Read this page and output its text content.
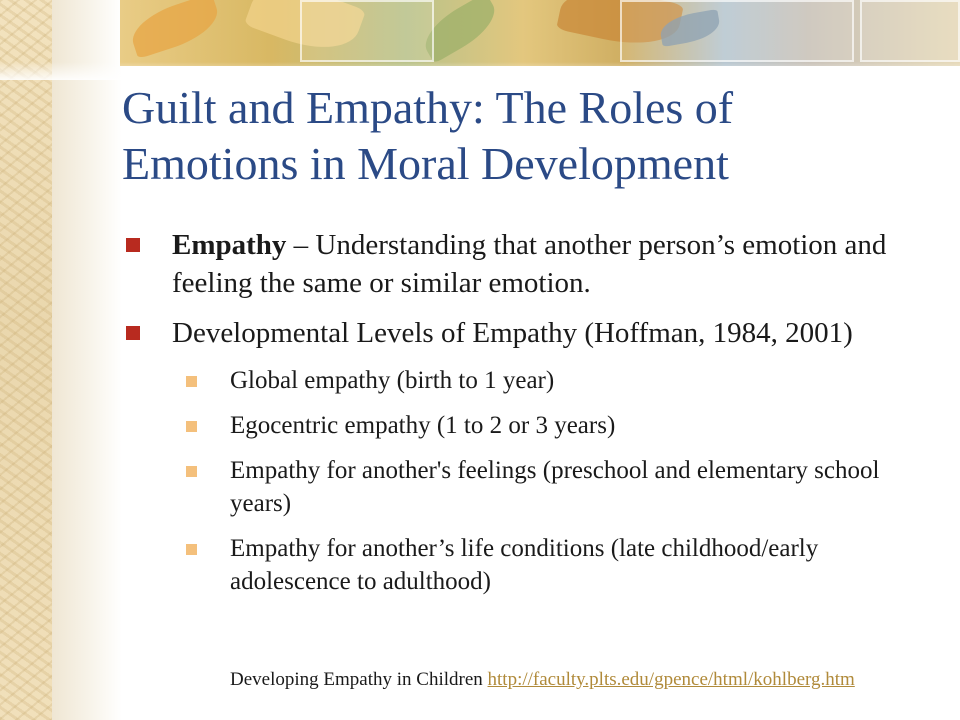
Guilt and Empathy: The Roles of
Emotions in Moral Development
Empathy – Understanding that another person’s emotion and feeling the same or similar emotion.
Developmental Levels of Empathy (Hoffman, 1984, 2001)
Global empathy (birth to 1 year)
Egocentric empathy (1 to 2 or 3 years)
Empathy for another's feelings (preschool and elementary school years)
Empathy for another’s life conditions (late childhood/early adolescence to adulthood)
Developing Empathy in Children http://faculty.plts.edu/gpence/html/kohlberg.htm
